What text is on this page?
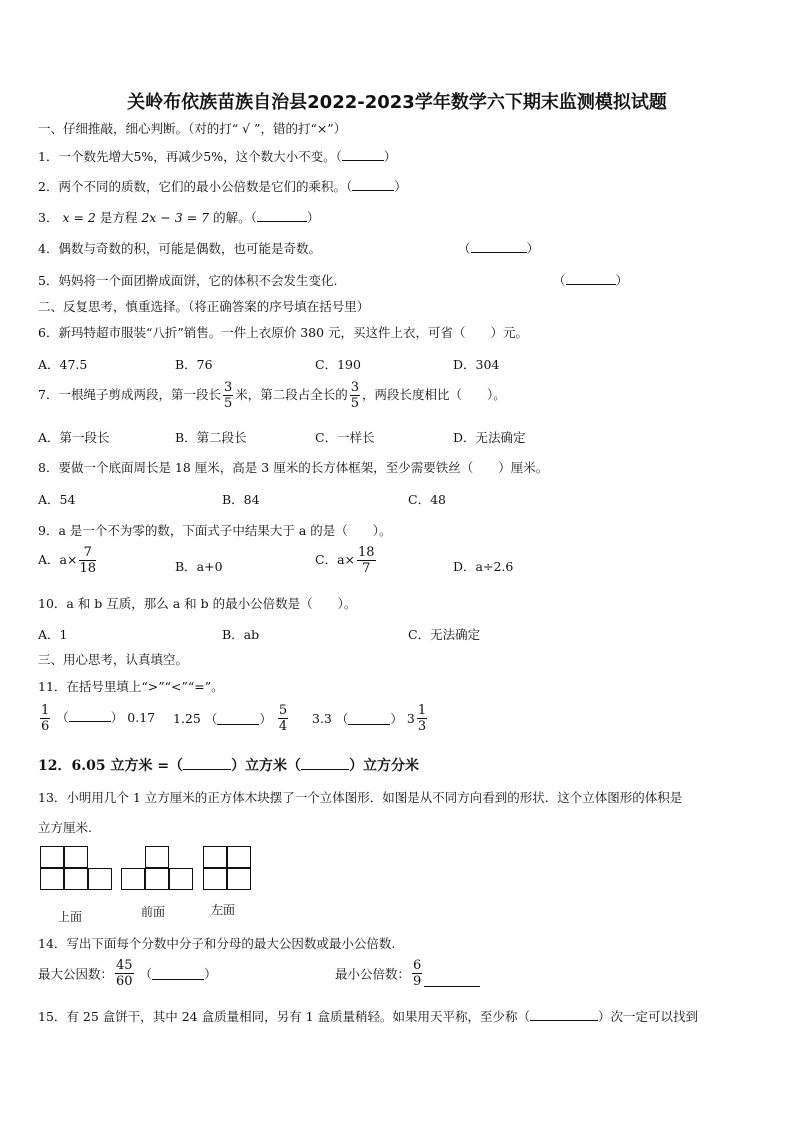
关岭布依族苗族自治县2022-2023学年数学六下期末监测模拟试题
一、仔细推敲，细心判断。（对的打“ √ ”，错的打“×”）
1．一个数先增大5%，再减少5%，这个数大小不变。（	）
2．两个不同的质数，它们的最小公倍数是它们的乘积。（	）
3． x = 2 是方程 2x − 3 = 7 的解。（	）
4．偶数与奇数的积，可能是偶数，也可能是奇数。	（	）
5．妈妈将一个面团擀成面饼，它的体积不会发生变化.	（	）
二、反复思考，慎重选择。（将正确答案的序号填在括号里）
6．新玛特超市服装“八折”销售。一件上衣原价 380 元，买这件上衣，可省（　　）元。
A．47.5	B．76	C．190	D．304
7．一根绳子剪成两段，第一段长 $\frac{3}{5}$ 米，第二段占全长的 $\frac{3}{5}$ ，两段长度相比（　　）。
A．第一段长	B．第二段长	C．一样长	D．无法确定
8．要做一个底面周长是 18 厘米，高是 3 厘米的长方体框架，至少需要铁丝（　　）厘米。
A．54	B．84	C．48
9．a 是一个不为零的数，下面式子中结果大于 a 的是（　　）。
A．$a\times \frac{7}{18}$	B．a+0	C．$a\times \frac{18}{7}$	D．a÷2.6
10．a 和 b 互质，那么 a 和 b 的最小公倍数是（　　）。
A．1	B．ab	C．无法确定
三、用心思考，认真填空。
11．在括号里填上“>”“<”“=”。
$\frac{1}{6}$ （	） 0.17 1.25 （	） $\frac{5}{4} 3.3$ （	） $3 \frac{1}{3}$
12．6.05 立方米 =（	）立方米（	）立方分米
13．小明用几个 1 立方厘米的正方体木块摆了一个立体图形．如图是从不同方向看到的形状．这个立体图形的体积是
立方厘米.
上面	前面	左面
14．写出下面每个分数中分子和分母的最大公因数或最小公倍数.
最大公因数： $\frac{45}{60}$ （	）	最小公倍数： $\frac{6}{9}$
15．有 25 盒饼干，其中 24 盒质量相同，另有 1 盒质量稍轻。如果用天平称，至少称（	）次一定可以找到
